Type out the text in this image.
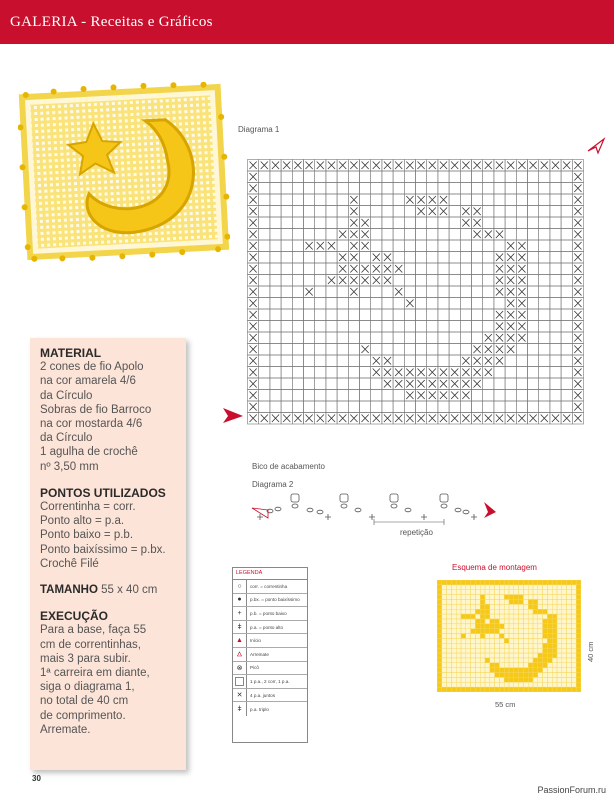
GALERIA - Receitas e Gráficos
MATERIAL
2 cones de fio Apolo
na cor amarela 4/6
da Círculo
Sobras de fio Barroco
na cor mostarda 4/6
da Círculo
1 agulha de crochê
nº 3,50 mm
PONTOS UTILIZADOS
Correntinha = corr.
Ponto alto = p.a.
Ponto baixo = p.b.
Ponto baixíssimo = p.bx.
Crochê Filé
TAMANHO 55 x 40 cm
EXECUÇÃO
Para a base, faça 55
cm de correntinhas,
mais 3 para subir.
1ª carreira em diante,
siga o diagrama 1,
no total de 40 cm
de comprimento.
Arremate.
Diagrama 1
Bico de acabamento
Diagrama 2
repetição
LEGENDA
○	corr. = correntinha
●	p.bx. = ponto baixíssimo
+	p.b. = ponto baixo
ǂ	p.a. = ponto alto
▲	Início
▲	Arremate
⊗	Picô
1 p.a., 2 corr, 1 p.a.
✕	4 p.a. juntos
ǂ	p.a. triplo
Esquema de montagem
55 cm
40 cm
30
PassionForum.ru
